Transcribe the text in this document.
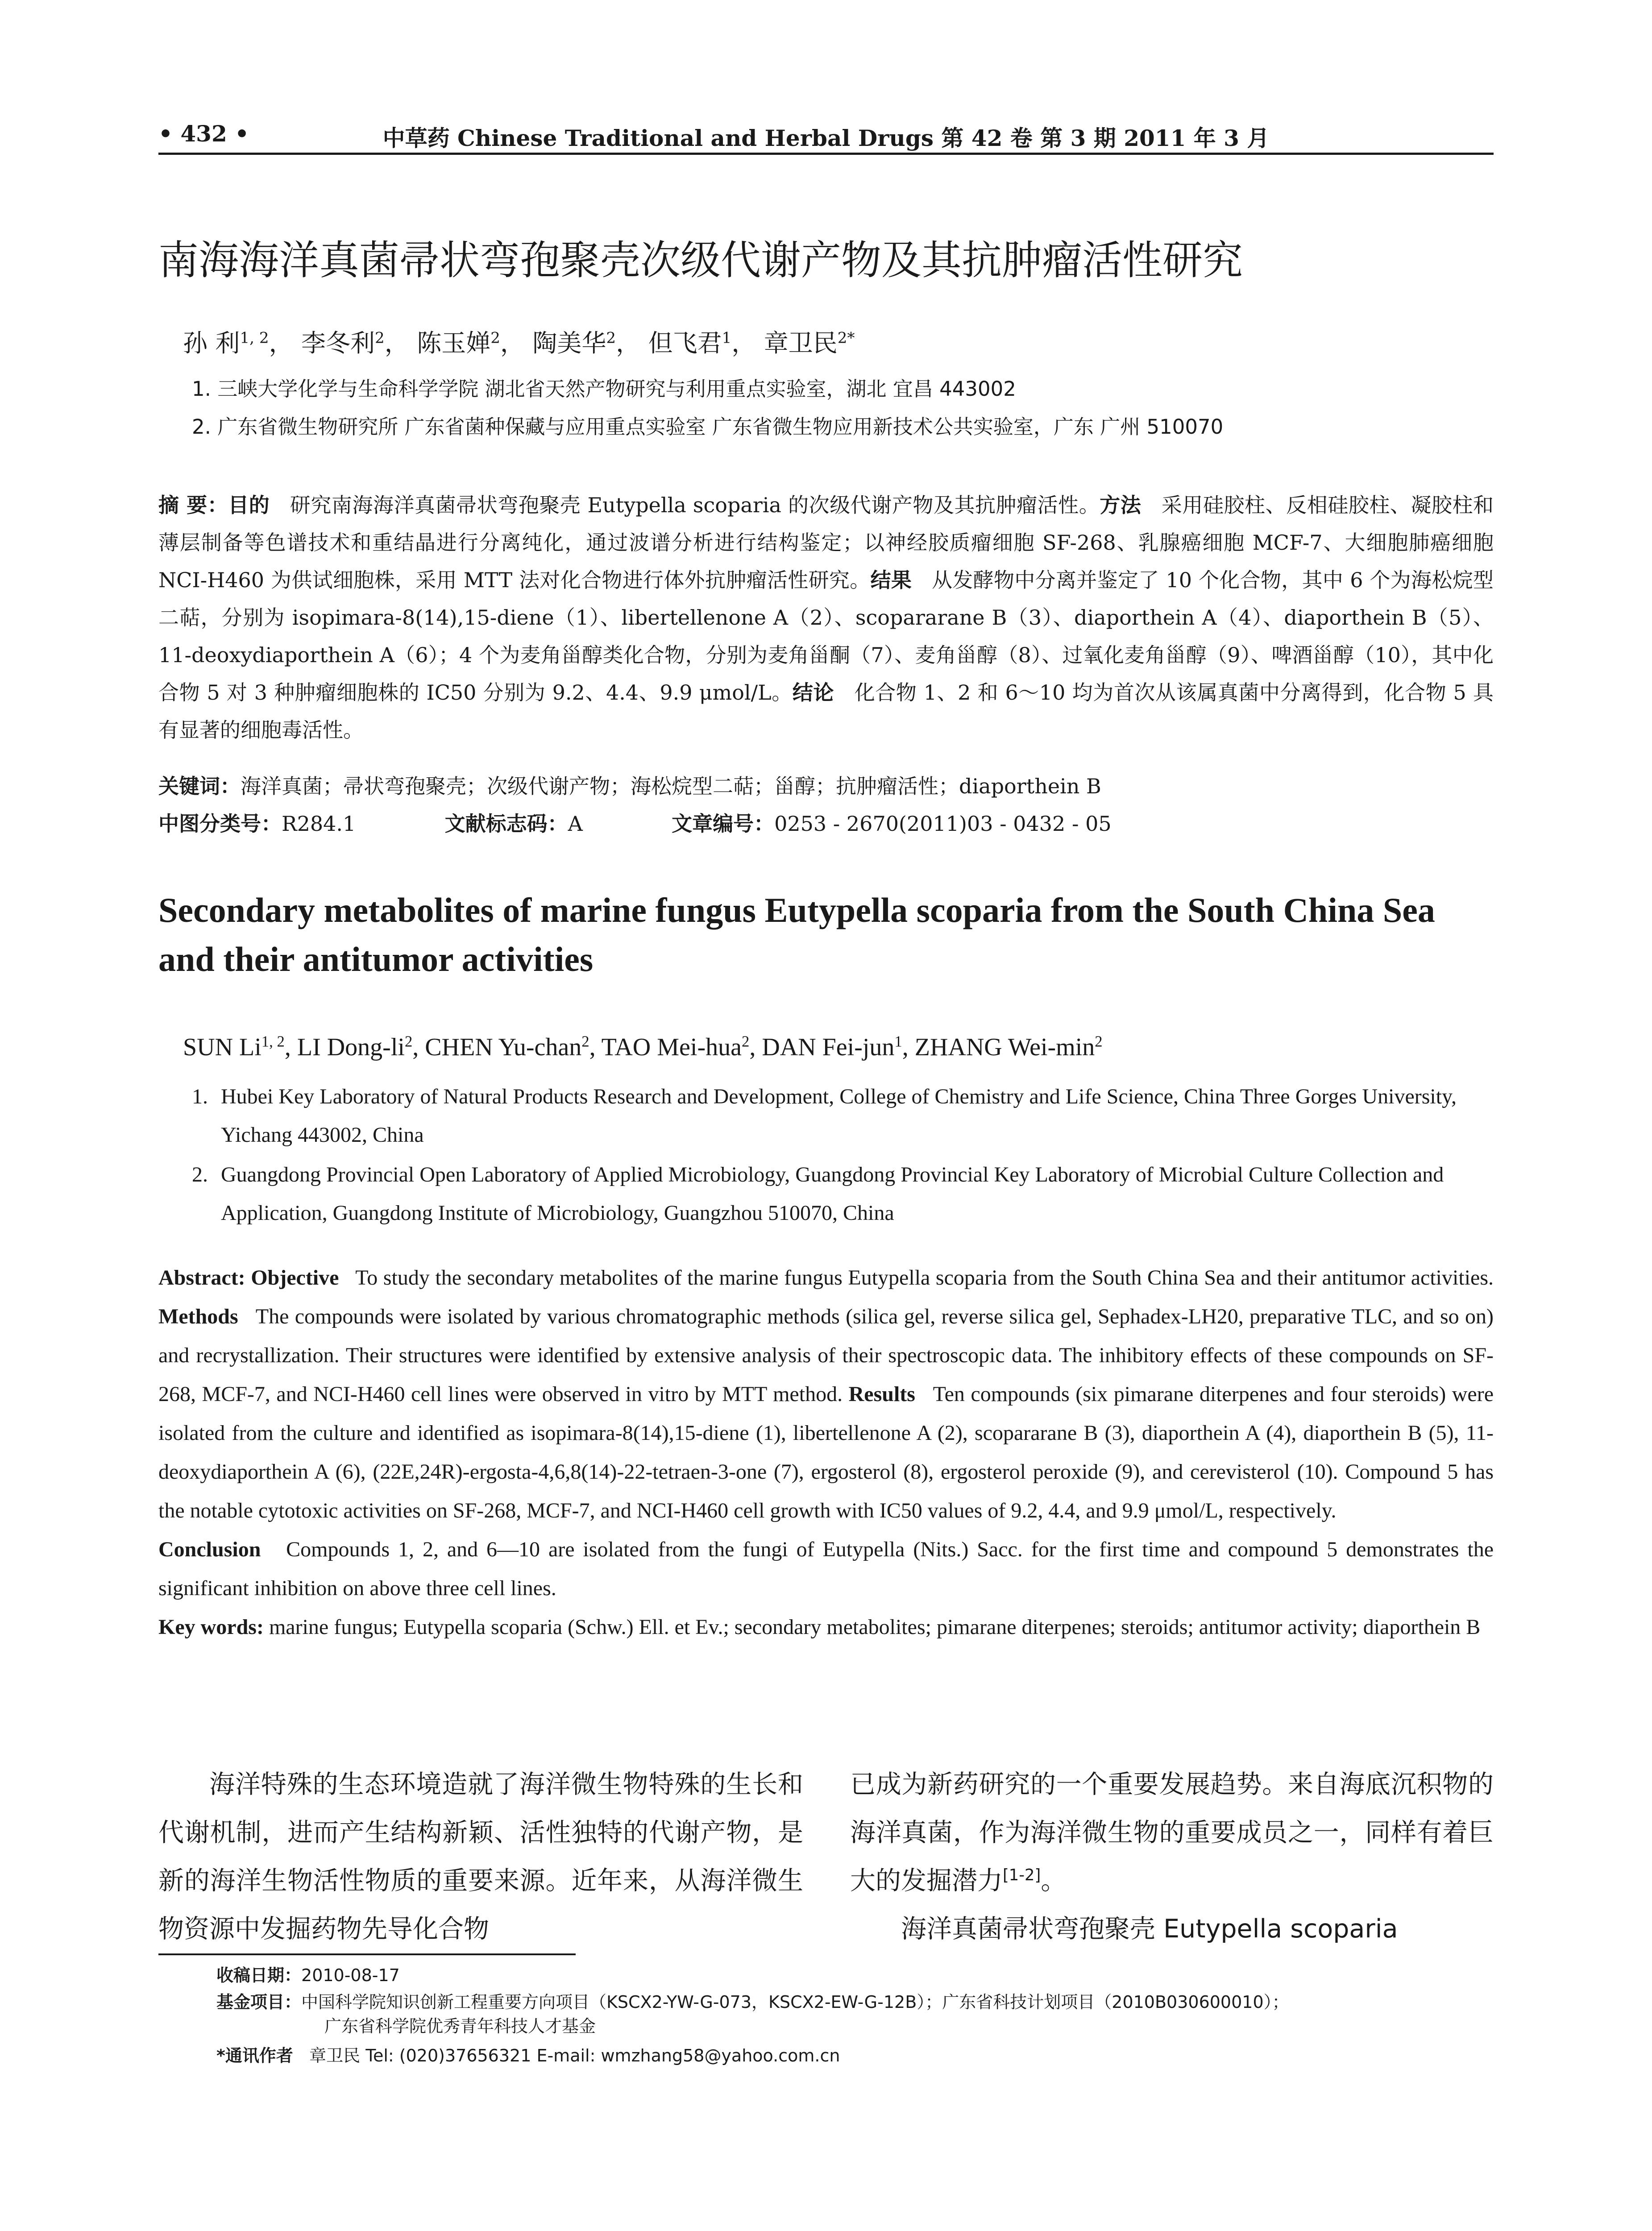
• 432 •	中草药 Chinese Traditional and Herbal Drugs 第 42 卷 第 3 期 2011 年 3 月
南海海洋真菌帚状弯孢聚壳次级代谢产物及其抗肿瘤活性研究
孙 利$^{1, 2}$， 李冬利$^2$， 陈玉婵$^2$， 陶美华$^2$， 但飞君$^1$， 章卫民$^{2*}$
1. 三峡大学化学与生命科学学院 湖北省天然产物研究与利用重点实验室，湖北 宜昌 443002
2. 广东省微生物研究所 广东省菌种保藏与应用重点实验室 广东省微生物应用新技术公共实验室，广东 广州 510070
摘 要：目的 研究南海海洋真菌帚状弯孢聚壳 Eutypella scoparia 的次级代谢产物及其抗肿瘤活性。方法 采用硅胶柱、反相硅胶柱、凝胶柱和薄层制备等色谱技术和重结晶进行分离纯化，通过波谱分析进行结构鉴定；以神经胶质瘤细胞 SF-268、乳腺癌细胞 MCF-7、大细胞肺癌细胞 NCI-H460 为供试细胞株，采用 MTT 法对化合物进行体外抗肿瘤活性研究。结果 从发酵物中分离并鉴定了 10 个化合物，其中 6 个为海松烷型二萜，分别为 isopimara-8(14),15-diene（1）、libertellenone A（2）、scopararane B（3）、diaporthein A（4）、diaporthein B（5）、11-deoxydiaporthein A（6）；4 个为麦角甾醇类化合物，分别为麦角甾酮（7）、麦角甾醇（8）、过氧化麦角甾醇（9）、啤酒甾醇（10），其中化合物 5 对 3 种肿瘤细胞株的 IC50 分别为 9.2、4.4、9.9 μmol/L。结论 化合物 1、2 和 6～10 均为首次从该属真菌中分离得到，化合物 5 具有显著的细胞毒活性。
关键词：海洋真菌；帚状弯孢聚壳；次级代谢产物；海松烷型二萜；甾醇；抗肿瘤活性；diaporthein B
中图分类号：R284.1	文献标志码：A	文章编号：0253 - 2670(2011)03 - 0432 - 05
Secondary metabolites of marine fungus Eutypella scoparia from the South China Sea and their antitumor activities
SUN Li$^{1, 2}$, LI Dong-$li^2$, CHEN Yu-chan$^2$, TAO Mei-hua$^2$, DAN Fei-jun$^1$, ZHANG Wei-$\min^2$
1. Hubei Key Laboratory of Natural Products Research and Development, College of Chemistry and Life Science, China Three Gorges University, Yichang 443002, China
2. Guangdong Provincial Open Laboratory of Applied Microbiology, Guangdong Provincial Key Laboratory of Microbial Culture Collection and Application, Guangdong Institute of Microbiology, Guangzhou 510070, China
Abstract: Objective To study the secondary metabolites of the marine fungus Eutypella scoparia from the South China Sea and their antitumor activities. Methods The compounds were isolated by various chromatographic methods (silica gel, reverse silica gel, Sephadex-LH20, preparative TLC, and so on) and recrystallization. Their structures were identified by extensive analysis of their spectroscopic data. The inhibitory effects of these compounds on SF-268, MCF-7, and NCI-H460 cell lines were observed in vitro by MTT method. Results Ten compounds (six pimarane diterpenes and four steroids) were isolated from the culture and identified as isopimara-8(14),15-diene (1), libertellenone A (2), scopararane B (3), diaporthein A (4), diaporthein B (5), 11-deoxydiaporthein A (6), (22E,24R)-ergosta-4,6,8(14)-22-tetraen-3-one (7), ergosterol (8), ergosterol peroxide (9), and cerevisterol (10). Compound 5 has the notable cytotoxic activities on SF-268, MCF-7, and NCI-H460 cell growth with IC50 values of 9.2, 4.4, and 9.9 μmol/L, respectively.
Conclusion Compounds 1, 2, and 6—10 are isolated from the fungi of Eutypella (Nits.) Sacc. for the first time and compound 5 demonstrates the significant inhibition on above three cell lines.
Key words: marine fungus; Eutypella scoparia (Schw.) Ell. et Ev.; secondary metabolites; pimarane diterpenes; steroids; antitumor activity; diaporthein B
海洋特殊的生态环境造就了海洋微生物特殊的生长和代谢机制，进而产生结构新颖、活性独特的代谢产物，是新的海洋生物活性物质的重要来源。近年来，从海洋微生物资源中发掘药物先导化合物
已成为新药研究的一个重要发展趋势。来自海底沉积物的海洋真菌，作为海洋微生物的重要成员之一，同样有着巨大的发掘潜力[1-2]。
海洋真菌帚状弯孢聚壳 Eutypella scoparia
收稿日期：2010-08-17
基金项目：中国科学院知识创新工程重要方向项目（KSCX2-YW-G-073，KSCX2-EW-G-12B）；广东省科技计划项目（2010B030600010）；
广东省科学院优秀青年科技人才基金
*通讯作者 章卫民 Tel: (020)37656321 E-mail: wmzhang58@yahoo.com.cn
